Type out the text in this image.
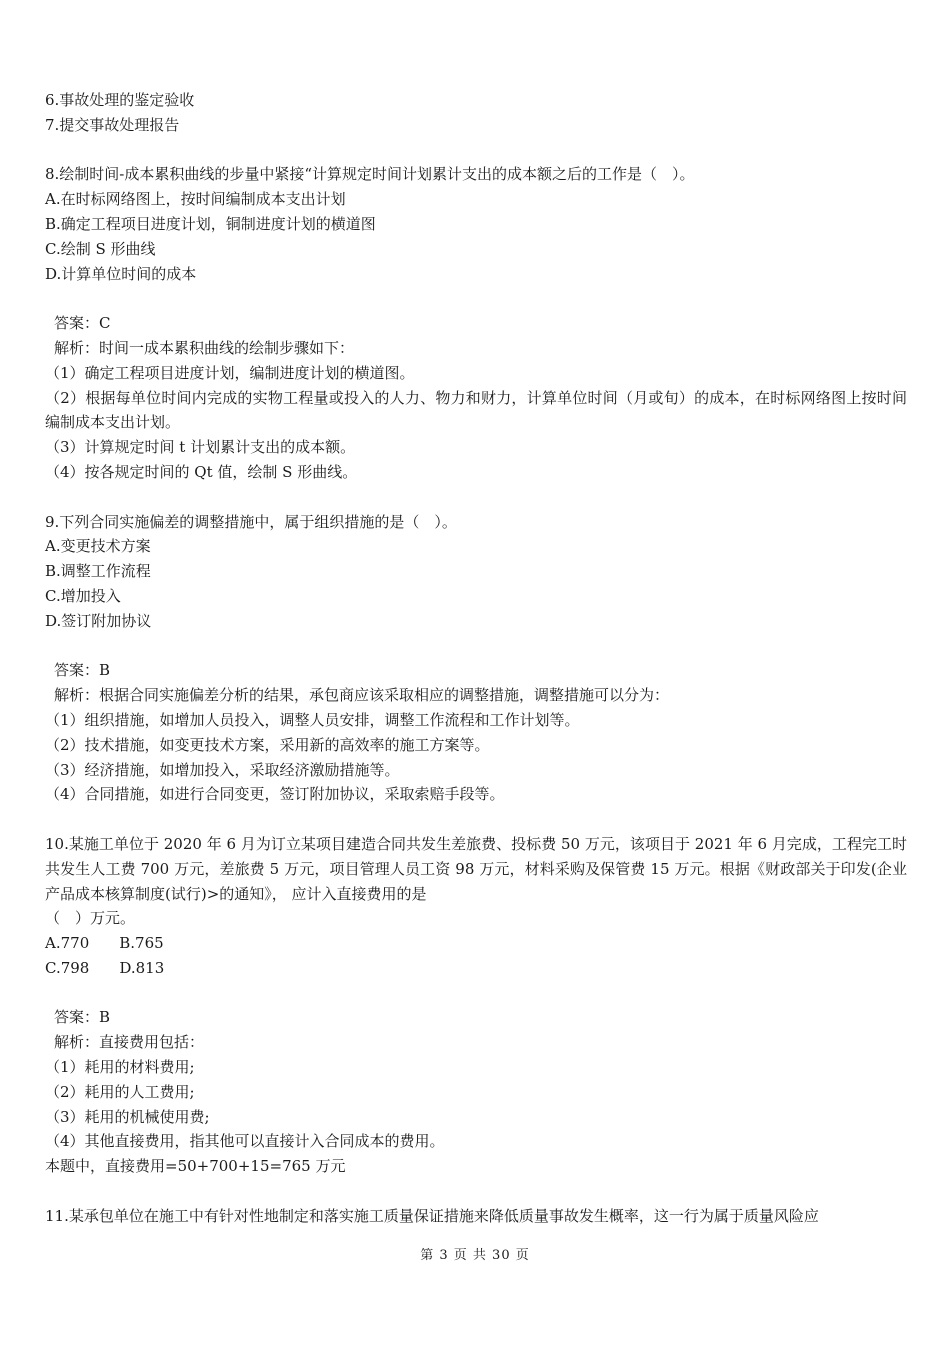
6.事故处理的鉴定验收
7.提交事故处理报告
8.绘制时间-成本累积曲线的步量中紧接“计算规定时间计划累计支出的成本额之后的工作是（　）。
A.在时标网络图上，按时间编制成本支出计划
B.确定工程项目进度计划，铜制进度计划的横道图
C.绘制 S 形曲线
D.计算单位时间的成本
答案：C
解析：时间一成本累积曲线的绘制步骤如下：
（1）确定工程项目进度计划，编制进度计划的横道图。
（2）根据每单位时间内完成的实物工程量或投入的人力、物力和财力，计算单位时间（月或旬）的成本，在时标网络图上按时间编制成本支出计划。
（3）计算规定时间 t 计划累计支出的成本额。
（4）按各规定时间的 Qt 值，绘制 S 形曲线。
9.下列合同实施偏差的调整措施中，属于组织措施的是（　）。
A.变更技术方案
B.调整工作流程
C.增加投入
D.签订附加协议
答案：B
解析：根据合同实施偏差分析的结果，承包商应该采取相应的调整措施，调整措施可以分为：
（1）组织措施，如增加人员投入，调整人员安排，调整工作流程和工作计划等。
（2）技术措施，如变更技术方案，采用新的高效率的施工方案等。
（3）经济措施，如增加投入，采取经济激励措施等。
（4）合同措施，如进行合同变更，签订附加协议，采取索赔手段等。
10.某施工单位于 2020 年 6 月为订立某项目建造合同共发生差旅费、投标费 50 万元，该项目于 2021 年 6 月完成，工程完工时共发生人工费 700 万元，差旅费 5 万元，项目管理人员工资 98 万元，材料采购及保管费 15 万元。根据《财政部关于印发(企业产品成本核算制度(试行)>的通知》， 应计入直接费用的是
（　）万元。
A.770　　B.765
C.798　　D.813
答案：B
解析：直接费用包括：
（1）耗用的材料费用;
（2）耗用的人工费用;
（3）耗用的机械使用费;
（4）其他直接费用，指其他可以直接计入合同成本的费用。
本题中，直接费用=50+700+15=765 万元
11.某承包单位在施工中有针对性地制定和落实施工质量保证措施来降低质量事故发生概率，这一行为属于质量风险应
第 3 页 共 30 页
